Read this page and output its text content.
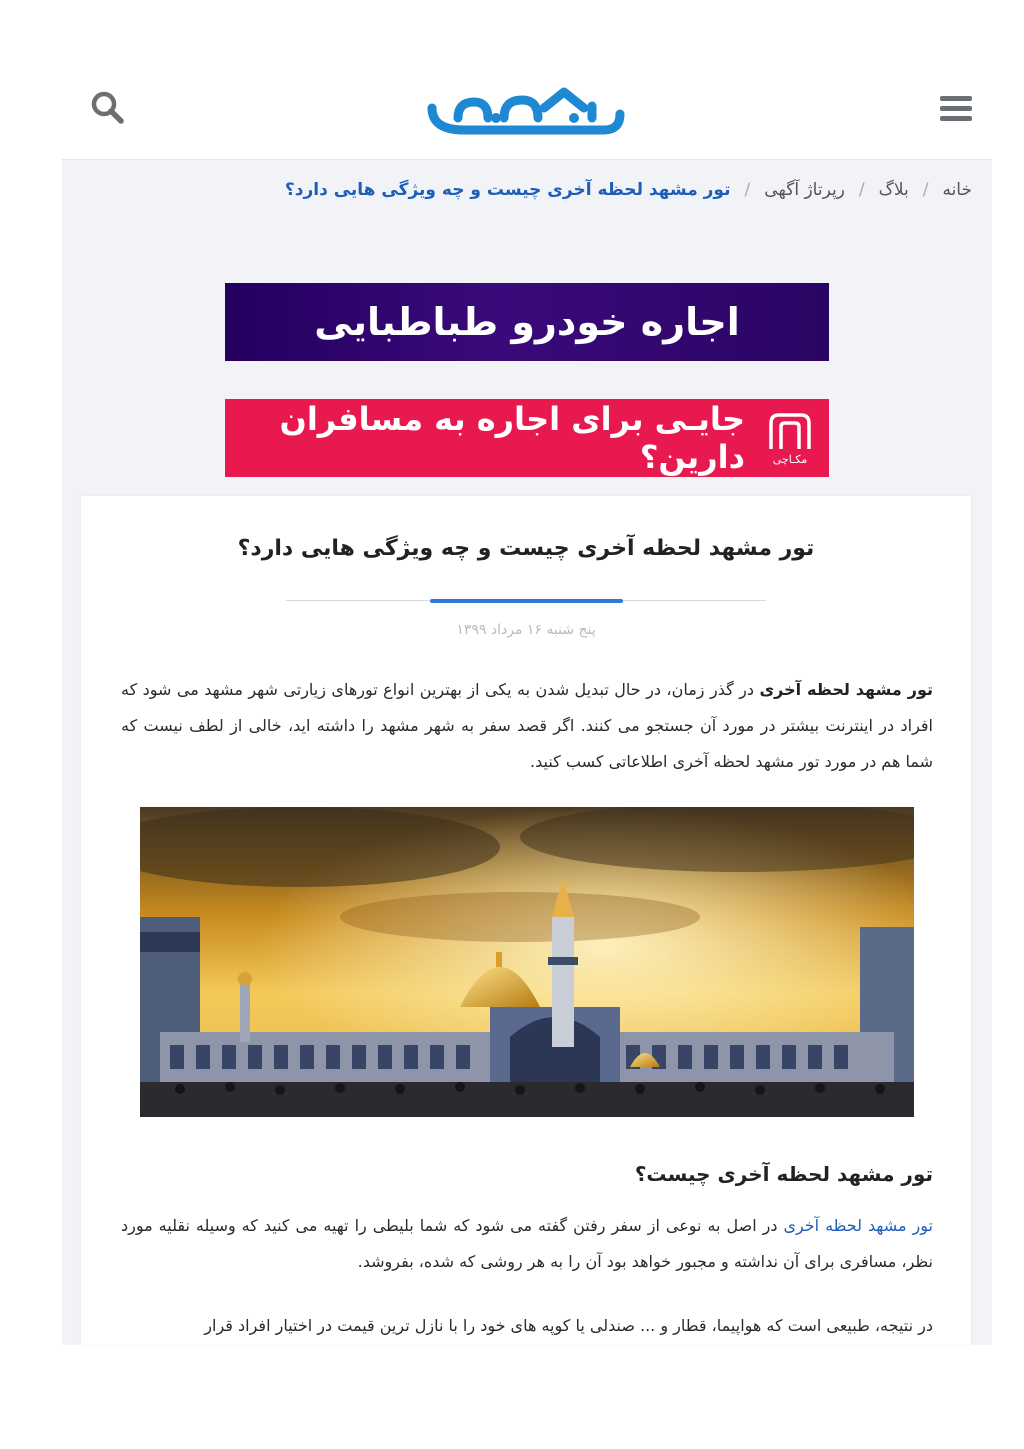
خانه/بلاگ/رپرتاژ آگهی/تور مشهد لحظه آخری چیست و چه ویژگی هایی دارد؟
اجاره خودرو طباطبایی
مکـاچی
جایـی برای اجاره به مسافران دارین؟
تور مشهد لحظه آخری چیست و چه ویژگی هایی دارد؟
پنج شنبه ۱۶ مرداد ۱۳۹۹

تور مشهد لحظه آخری در گذر زمان، در حال تبدیل شدن به یکی از بهترین انواع تورهای زیارتی شهر مشهد می شود که افراد در اینترنت بیشتر در مورد آن جستجو می کنند. اگر قصد سفر به شهر مشهد را داشته اید، خالی از لطف نیست که شما هم در مورد تور مشهد لحظه آخری اطلاعاتی کسب کنید.

تور مشهد لحظه آخری چیست؟

تور مشهد لحظه آخری در اصل به نوعی از سفر رفتن گفته می شود که شما بلیطی را تهیه می کنید که وسیله نقلیه مورد نظر، مسافری برای آن نداشته و مجبور خواهد بود آن را به هر روشی که شده، بفروشد.

در نتیجه، طبیعی است که هواپیما، قطار و ... صندلی یا کوپه های خود را با نازل ترین قیمت در اختیار افراد قرار
